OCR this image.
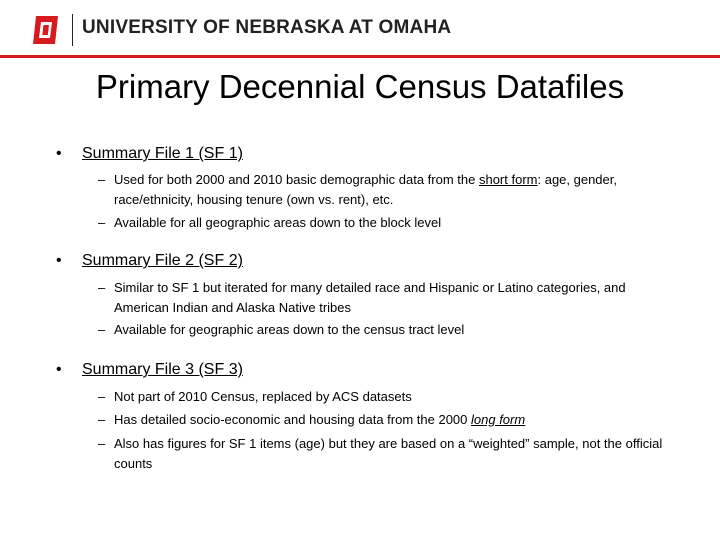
UNIVERSITY OF NEBRASKA AT OMAHA
Primary Decennial Census Datafiles
• Summary File 1 (SF 1)
– Used for both 2000 and 2010 basic demographic data from the short form: age, gender, race/ethnicity, housing tenure (own vs. rent), etc.
– Available for all geographic areas down to the block level
• Summary File 2 (SF 2)
– Similar to SF 1 but iterated for many detailed race and Hispanic or Latino categories, and American Indian and Alaska Native tribes
– Available for geographic areas down to the census tract level
• Summary File 3 (SF 3)
– Not part of 2010 Census, replaced by ACS datasets
– Has detailed socio-economic and housing data from the 2000 long form
– Also has figures for SF 1 items (age) but they are based on a “weighted” sample, not the official counts
